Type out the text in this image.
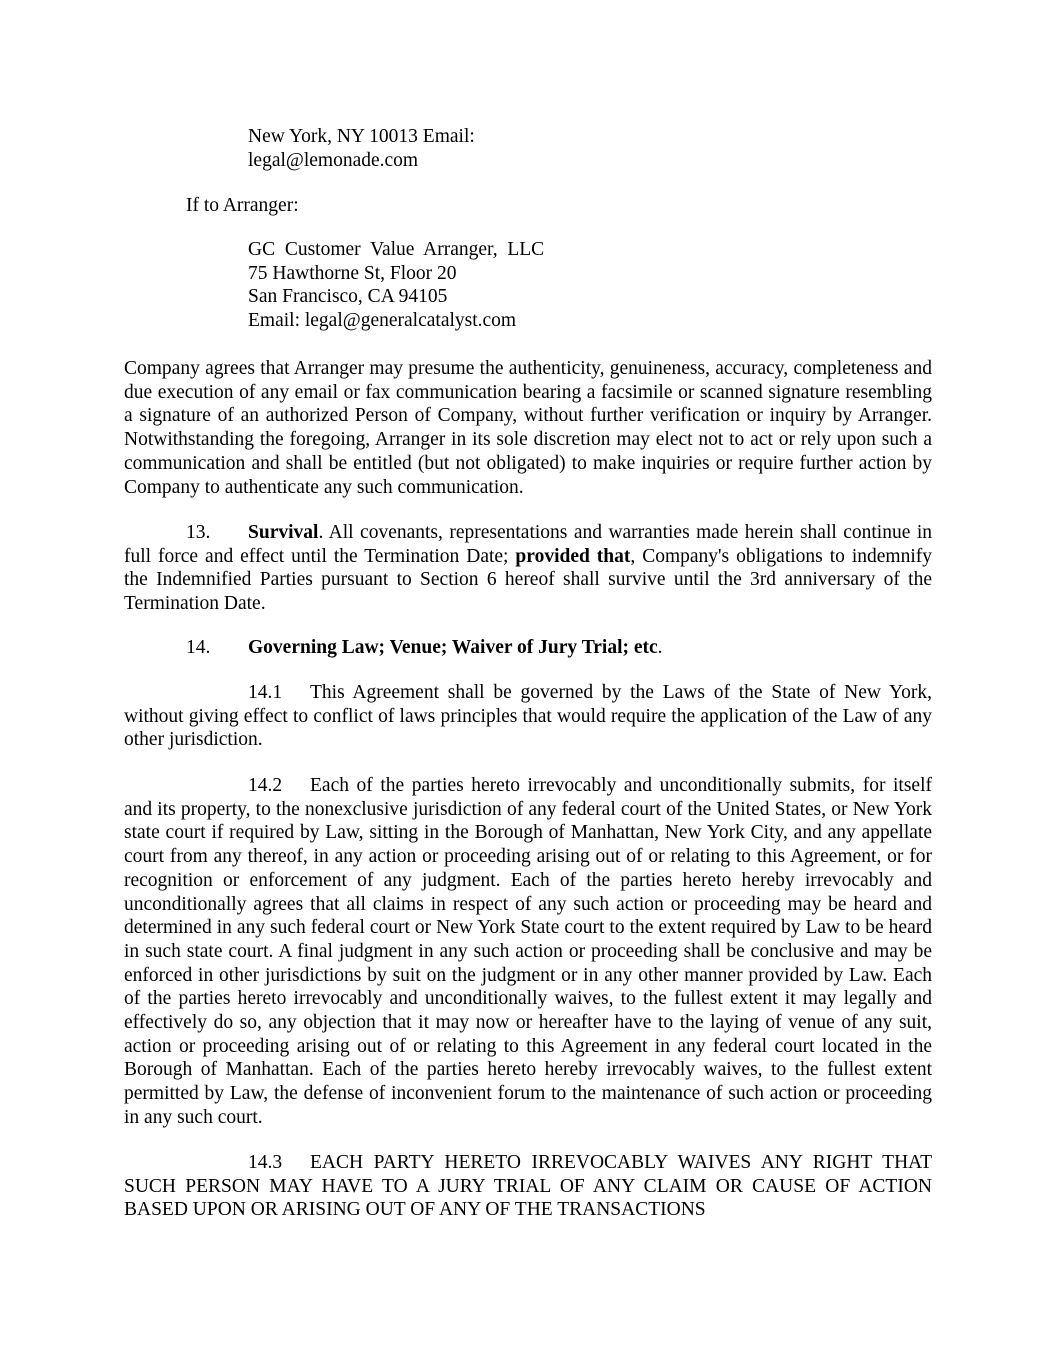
New York, NY 10013 Email:
legal@lemonade.com

If to Arranger:

GC  Customer  Value  Arranger,  LLC
75 Hawthorne St, Floor 20
San Francisco, CA 94105
Email: legal@generalcatalyst.com

Company agrees that Arranger may presume the authenticity, genuineness, accuracy, completeness and due execution of any email or fax communication bearing a facsimile or scanned signature resembling a signature of an authorized Person of Company, without further verification or inquiry by Arranger. Notwithstanding the foregoing, Arranger in its sole discretion may elect not to act or rely upon such a communication and shall be entitled (but not obligated) to make inquiries or require further action by Company to authenticate any such communication.

13. Survival. All covenants, representations and warranties made herein shall continue in full force and effect until the Termination Date; provided that, Company's obligations to indemnify the Indemnified Parties pursuant to Section 6 hereof shall survive until the 3rd anniversary of the Termination Date.

14. Governing Law; Venue; Waiver of Jury Trial; etc.

14.1 This Agreement shall be governed by the Laws of the State of New York, without giving effect to conflict of laws principles that would require the application of the Law of any other jurisdiction.

14.2 Each of the parties hereto irrevocably and unconditionally submits, for itself and its property, to the nonexclusive jurisdiction of any federal court of the United States, or New York state court if required by Law, sitting in the Borough of Manhattan, New York City, and any appellate court from any thereof, in any action or proceeding arising out of or relating to this Agreement, or for recognition or enforcement of any judgment. Each of the parties hereto hereby irrevocably and unconditionally agrees that all claims in respect of any such action or proceeding may be heard and determined in any such federal court or New York State court to the extent required by Law to be heard in such state court. A final judgment in any such action or proceeding shall be conclusive and may be enforced in other jurisdictions by suit on the judgment or in any other manner provided by Law. Each of the parties hereto irrevocably and unconditionally waives, to the fullest extent it may legally and effectively do so, any objection that it may now or hereafter have to the laying of venue of any suit, action or proceeding arising out of or relating to this Agreement in any federal court located in the Borough of Manhattan. Each of the parties hereto hereby irrevocably waives, to the fullest extent permitted by Law, the defense of inconvenient forum to the maintenance of such action or proceeding in any such court.

14.3 EACH PARTY HERETO IRREVOCABLY WAIVES ANY RIGHT THAT SUCH PERSON MAY HAVE TO A JURY TRIAL OF ANY CLAIM OR CAUSE OF ACTION BASED UPON OR ARISING OUT OF ANY OF THE TRANSACTIONS
